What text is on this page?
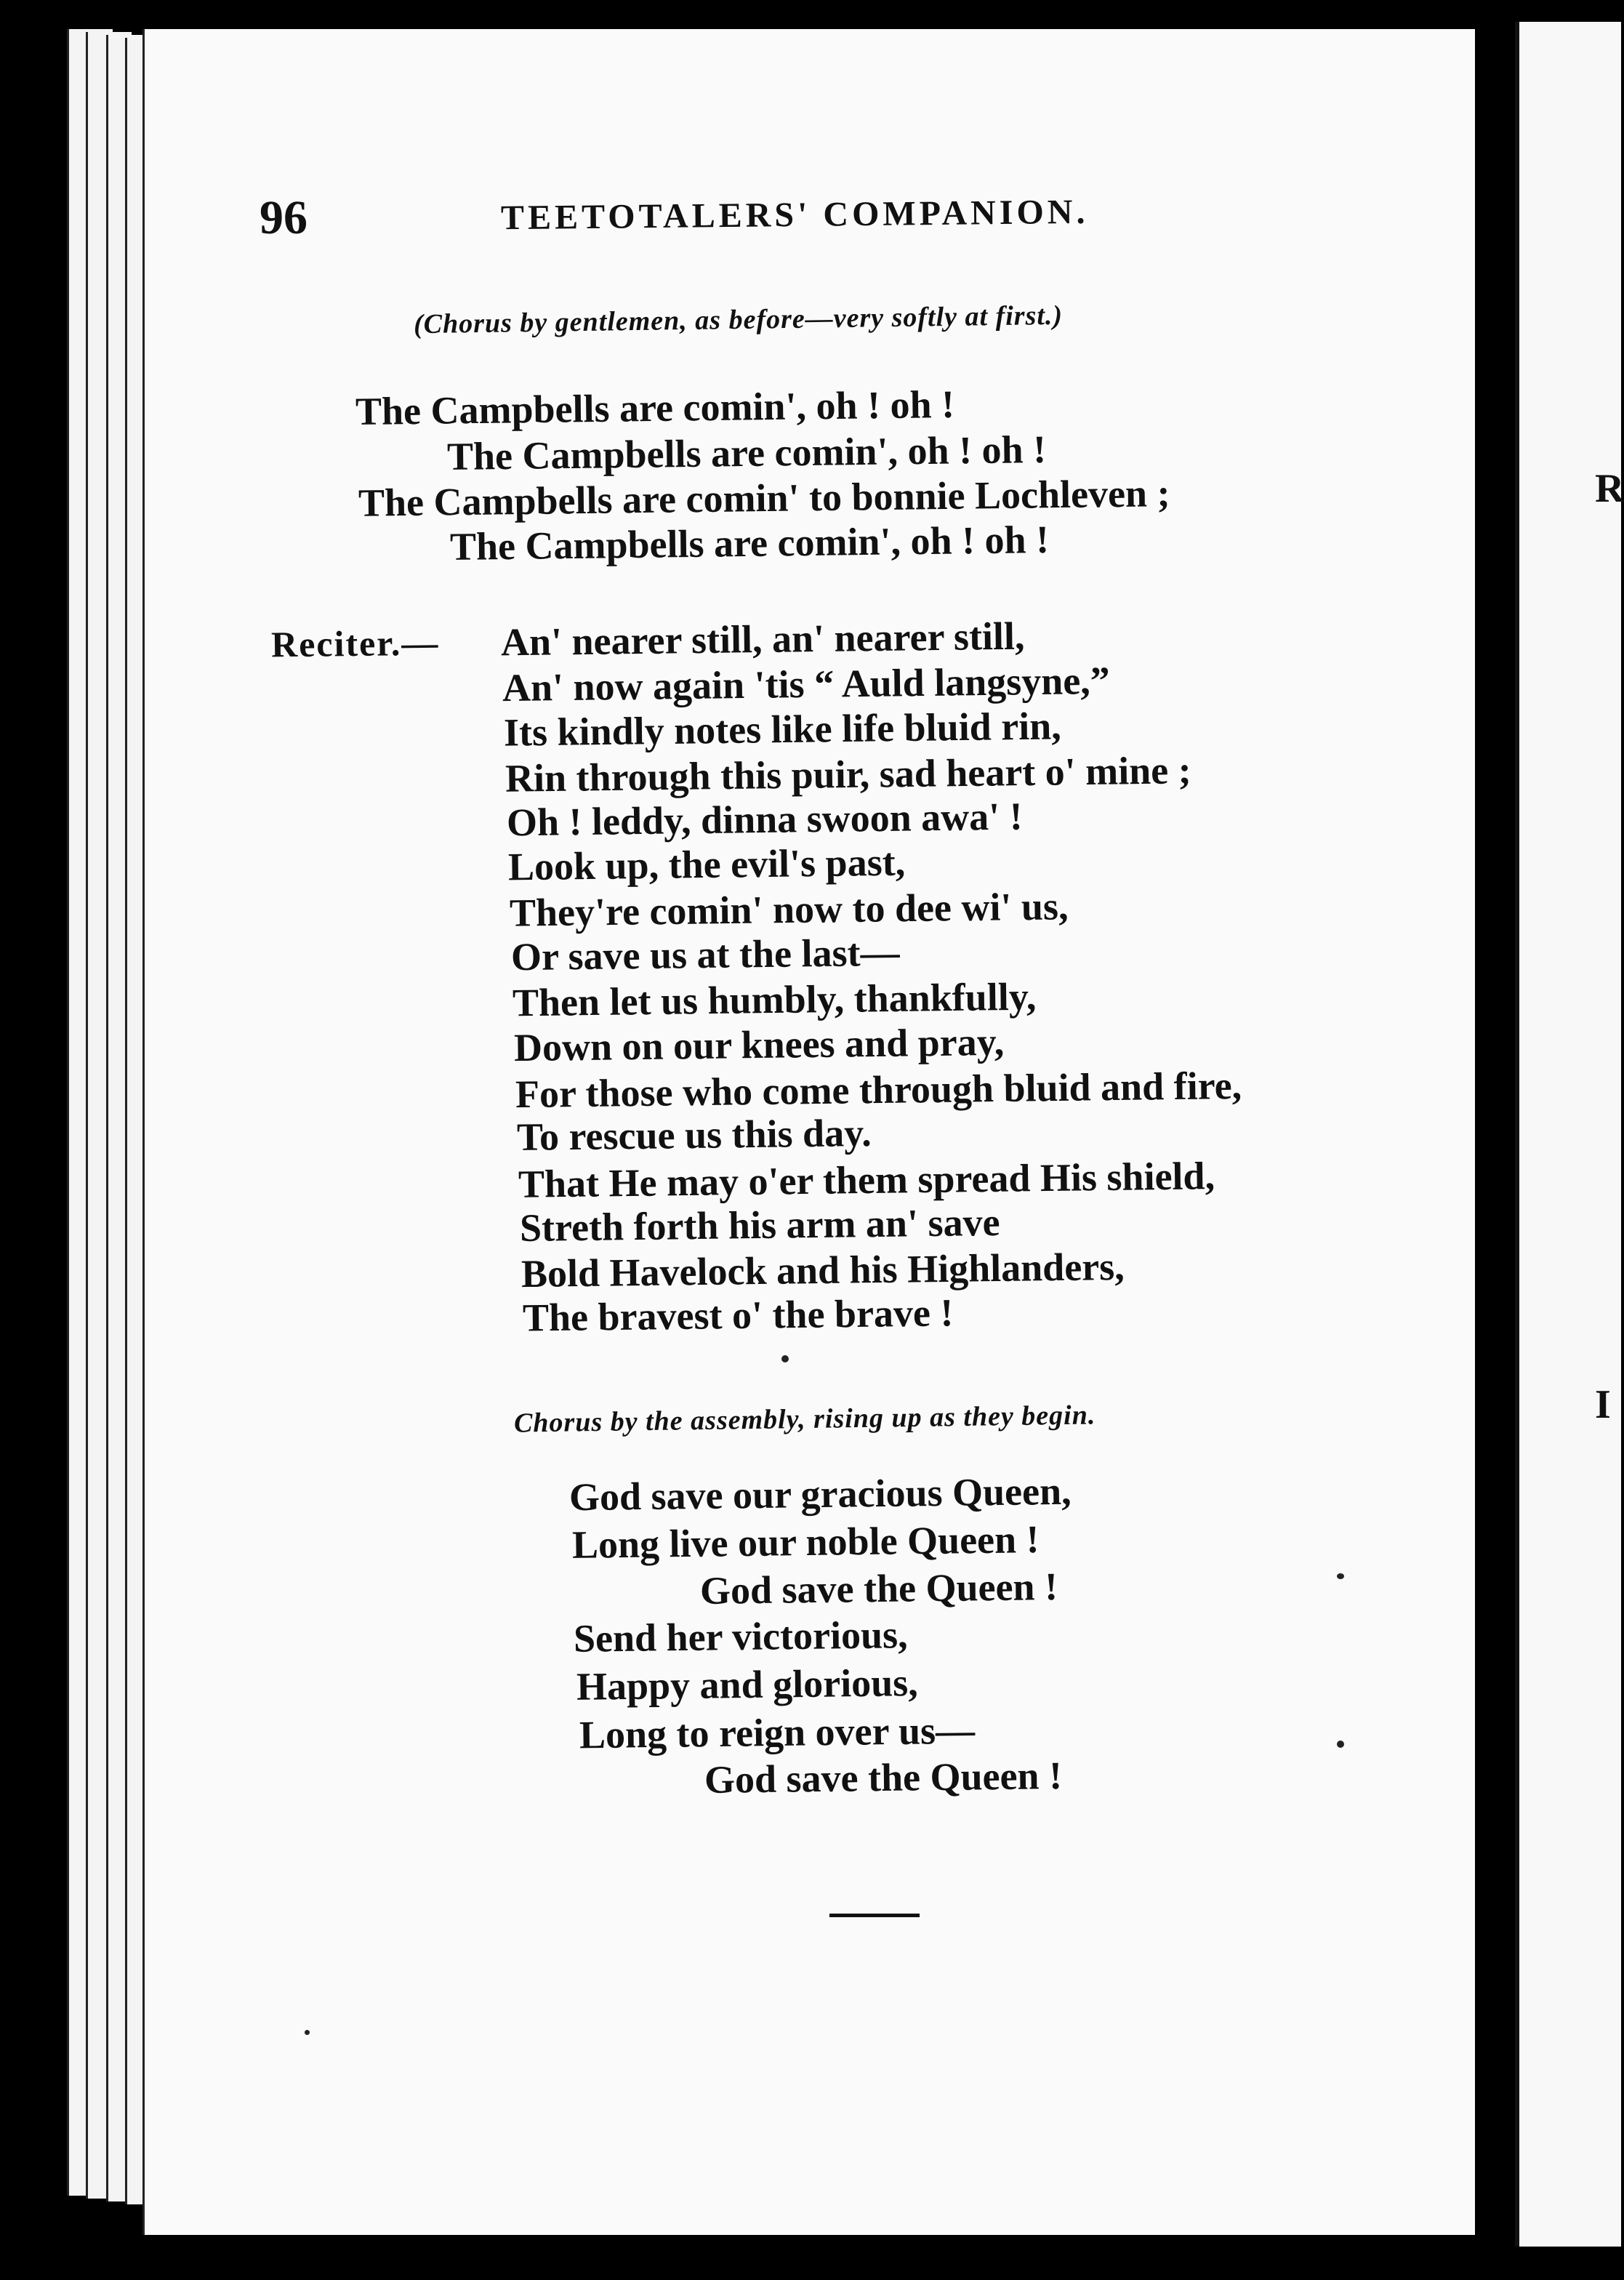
R
I
96	TEETOTALERS' COMPANION.
(Chorus by gentlemen, as before—very softly at first.)
The Campbells are comin', oh ! oh !
The Campbells are comin', oh ! oh !
The Campbells are comin' to bonnie Lochleven ;
The Campbells are comin', oh ! oh !
Reciter.— An' nearer still, an' nearer still,
An' now again 'tis “ Auld langsyne,”
Its kindly notes like life bluid rin,
Rin through this puir, sad heart o' mine ;
Oh ! leddy, dinna swoon awa' !
Look up, the evil's past,
They're comin' now to dee wi' us,
Or save us at the last—
Then let us humbly, thankfully,
Down on our knees and pray,
For those who come through bluid and fire,
To rescue us this day.
That He may o'er them spread His shield,
Streth forth his arm an' save
Bold Havelock and his Highlanders,
The bravest o' the brave !
Chorus by the assembly, rising up as they begin.
God save our gracious Queen,
Long live our noble Queen !
God save the Queen !
Send her victorious,
Happy and glorious,
Long to reign over us—
God save the Queen !
